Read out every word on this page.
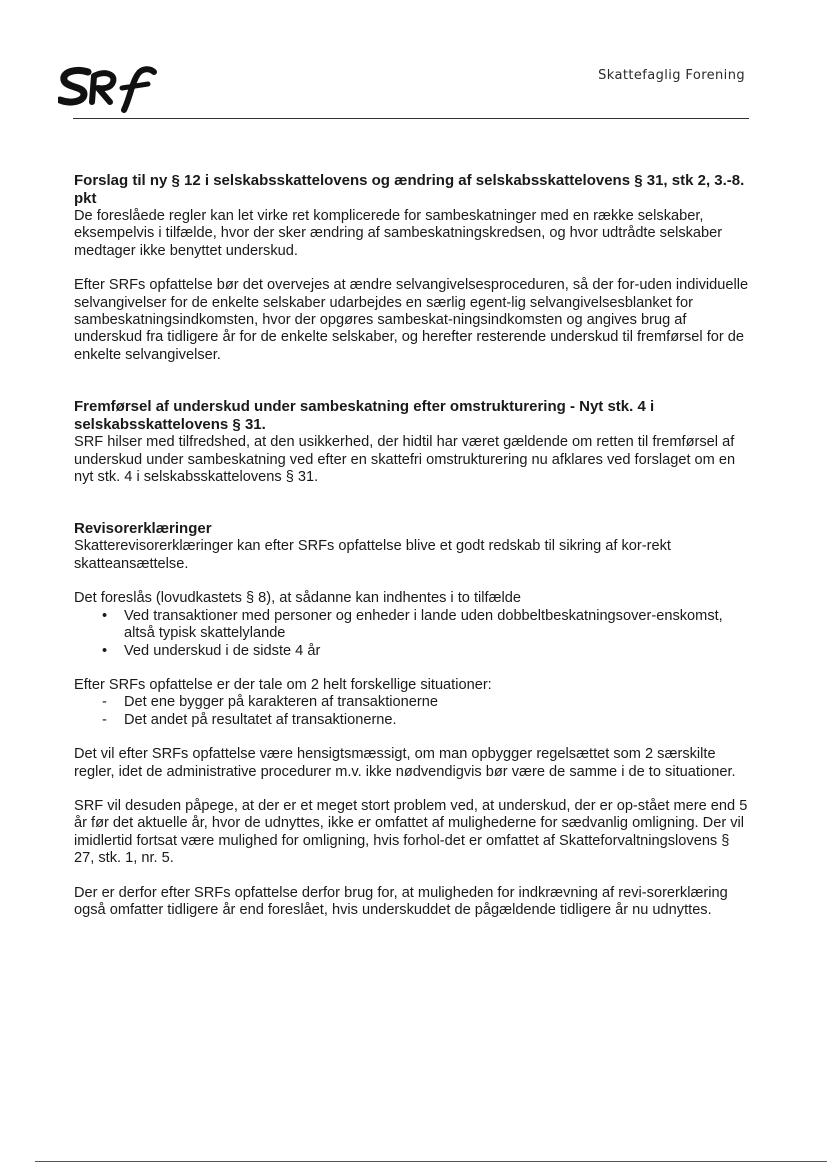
Skattefaglig Forening

Forslag til ny § 12 i selskabsskattelovens og ændring af selskabsskattelovens § 31, stk 2, 3.-8. pkt

De foreslåede regler kan let virke ret komplicerede for sambeskatninger med en række selskaber, eksempelvis i tilfælde, hvor der sker ændring af sambeskatningskredsen, og hvor udtrådte selskaber medtager ikke benyttet underskud.

Efter SRFs opfattelse bør det overvejes at ændre selvangivelsesproceduren, så der for-uden individuelle selvangivelser for de enkelte selskaber udarbejdes en særlig egent-lig selvangivelsesblanket for sambeskatningsindkomsten, hvor der opgøres sambeskat-ningsindkomsten og angives brug af underskud fra tidligere år for de enkelte selskaber, og herefter resterende underskud til fremførsel for de enkelte selvangivelser.

Fremførsel af underskud under sambeskatning efter omstrukturering - Nyt stk. 4 i selskabsskattelovens § 31.

SRF hilser med tilfredshed, at den usikkerhed, der hidtil har været gældende om retten til fremførsel af underskud under sambeskatning ved efter en skattefri omstrukturering nu afklares ved forslaget om en nyt stk. 4 i selskabsskattelovens § 31.

Revisorerklæringer

Skatterevisorerklæringer kan efter SRFs opfattelse blive et godt redskab til sikring af kor-rekt skatteansættelse.

Det foreslås (lovudkastets § 8), at sådanne kan indhentes i to tilfælde

• Ved transaktioner med personer og enheder i lande uden dobbeltbeskatningsover-enskomst, altså typisk skattelylande
• Ved underskud i de sidste 4 år

Efter SRFs opfattelse er der tale om 2 helt forskellige situationer:

- Det ene bygger på karakteren af transaktionerne
- Det andet på resultatet af transaktionerne.

Det vil efter SRFs opfattelse være hensigtsmæssigt, om man opbygger regelsættet som 2 særskilte regler, idet de administrative procedurer m.v. ikke nødvendigvis bør være de samme i de to situationer.

SRF vil desuden påpege, at der er et meget stort problem ved, at underskud, der er op-stået mere end 5 år før det aktuelle år, hvor de udnyttes, ikke er omfattet af mulighederne for sædvanlig omligning. Der vil imidlertid fortsat være mulighed for omligning, hvis forhol-det er omfattet af Skatteforvaltningslovens § 27, stk. 1, nr. 5.

Der er derfor efter SRFs opfattelse derfor brug for, at muligheden for indkrævning af revi-sorerklæring også omfatter tidligere år end foreslået, hvis underskuddet de pågældende tidligere år nu udnyttes.
